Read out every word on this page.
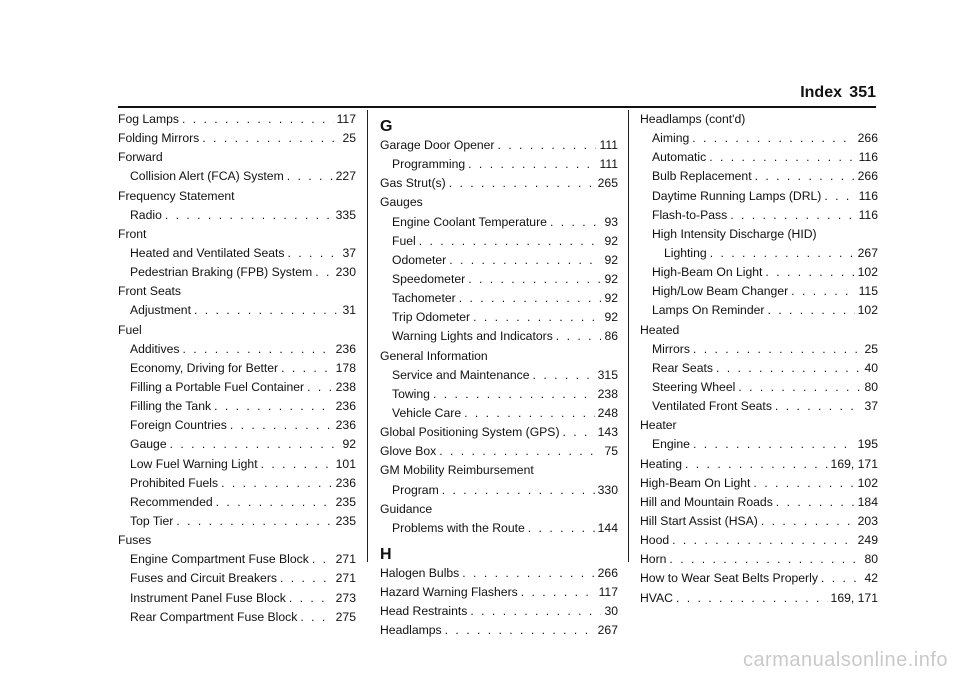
Index 351
Fog Lamps . . .	117
Folding Mirrors . . .	25
Forward
Collision Alert (FCA) System . . .	227
Frequency Statement
Radio . . .	335
Front
Heated and Ventilated Seats . . .	37
Pedestrian Braking (FPB) System . . . 230
Front Seats
Adjustment . . .	31
Fuel
Additives . . .	236
Economy, Driving for Better . . .	178
Filling a Portable Fuel Container . . .	238
Filling the Tank . . .	236
Foreign Countries . . .	236
Gauge . . .	92
Low Fuel Warning Light . . .	101
Prohibited Fuels . . .	236
Recommended . . .	235
Top Tier . . .	235
Fuses
Engine Compartment Fuse Block . . . 271
Fuses and Circuit Breakers . . .	271
Instrument Panel Fuse Block . . .	273
Rear Compartment Fuse Block . . .	275
G
Garage Door Opener . . .	111
Programming . . .	111
Gas Strut(s) . . .	265
Gauges
Engine Coolant Temperature . . .	93
Fuel . . .	92
Odometer . . .	92
Speedometer . . .	92
Tachometer . . .	92
Trip Odometer . . .	92
Warning Lights and Indicators . . .	86
General Information
Service and Maintenance . . .	315
Towing . . .	238
Vehicle Care . . .	248
Global Positioning System (GPS) . . .	143
Glove Box . . .	75
GM Mobility Reimbursement
Program . . .	330
Guidance
Problems with the Route . . .	144
H
Halogen Bulbs . . .	266
Hazard Warning Flashers . . .	117
Head Restraints . . .	30
Headlamps . . .	267
Headlamps (cont'd)
Aiming . . .	266
Automatic . . .	116
Bulb Replacement . . .	266
Daytime Running Lamps (DRL) . . .	116
Flash-to-Pass . . .	116
High Intensity Discharge (HID)
Lighting . . .	267
High-Beam On Light . . .	102
High/Low Beam Changer . . .	115
Lamps On Reminder . . .	102
Heated
Mirrors . . .	25
Rear Seats . . .	40
Steering Wheel . . .	80
Ventilated Front Seats . . .	37
Heater
Engine . . .	195
Heating . . .	169, 171
High-Beam On Light . . .	102
Hill and Mountain Roads . . .	184
Hill Start Assist (HSA) . . .	203
Hood . . .	249
Horn . . .	80
How to Wear Seat Belts Properly . . .	42
HVAC . . .	169, 171
carmanualsonline.info
